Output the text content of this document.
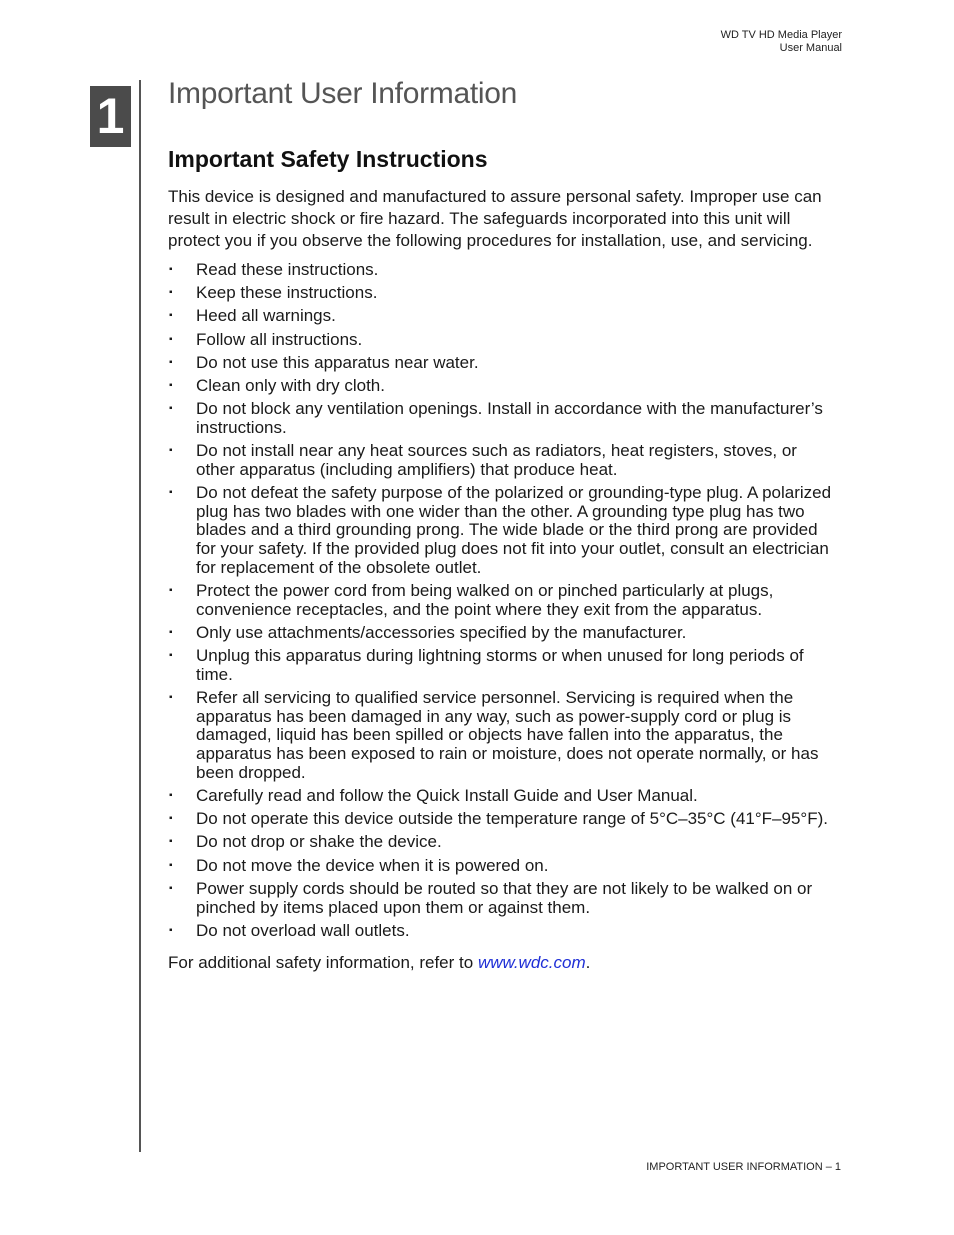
WD TV HD Media Player
User Manual
1 Important User Information
Important Safety Instructions

This device is designed and manufactured to assure personal safety. Improper use can result in electric shock or fire hazard. The safeguards incorporated into this unit will protect you if you observe the following procedures for installation, use, and servicing.

▪ Read these instructions.
▪ Keep these instructions.
▪ Heed all warnings.
▪ Follow all instructions.
▪ Do not use this apparatus near water.
▪ Clean only with dry cloth.
▪ Do not block any ventilation openings. Install in accordance with the manufacturer’s instructions.
▪ Do not install near any heat sources such as radiators, heat registers, stoves, or other apparatus (including amplifiers) that produce heat.
▪ Do not defeat the safety purpose of the polarized or grounding-type plug. A polarized plug has two blades with one wider than the other. A grounding type plug has two blades and a third grounding prong. The wide blade or the third prong are provided for your safety. If the provided plug does not fit into your outlet, consult an electrician for replacement of the obsolete outlet.
▪ Protect the power cord from being walked on or pinched particularly at plugs, convenience receptacles, and the point where they exit from the apparatus.
▪ Only use attachments/accessories specified by the manufacturer.
▪ Unplug this apparatus during lightning storms or when unused for long periods of time.
▪ Refer all servicing to qualified service personnel. Servicing is required when the apparatus has been damaged in any way, such as power-supply cord or plug is damaged, liquid has been spilled or objects have fallen into the apparatus, the apparatus has been exposed to rain or moisture, does not operate normally, or has been dropped.
▪ Carefully read and follow the Quick Install Guide and User Manual.
▪ Do not operate this device outside the temperature range of 5°C–35°C (41°F–95°F).
▪ Do not drop or shake the device.
▪ Do not move the device when it is powered on.
▪ Power supply cords should be routed so that they are not likely to be walked on or pinched by items placed upon them or against them.
▪ Do not overload wall outlets.

For additional safety information, refer to www.wdc.com.

IMPORTANT USER INFORMATION – 1
